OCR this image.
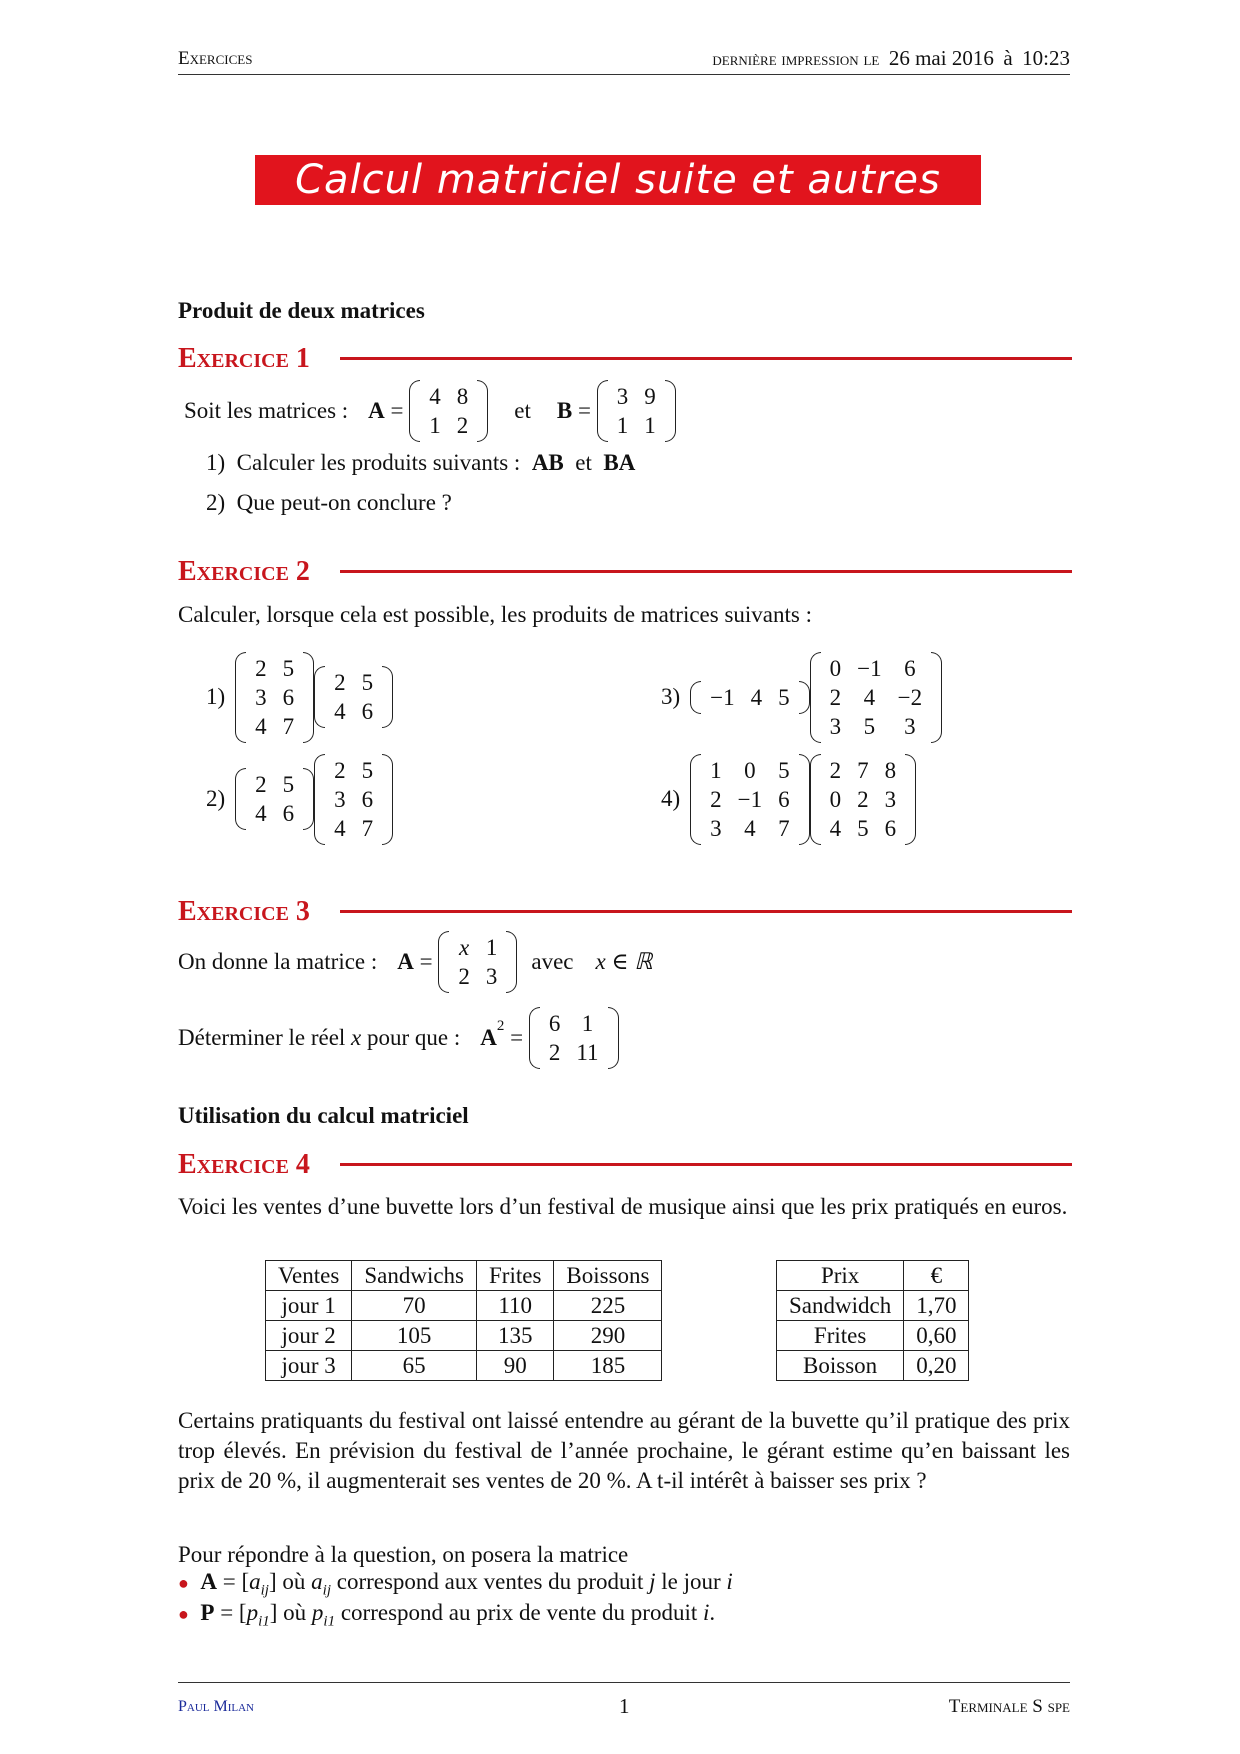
Exercices	dernière impression le 26 mai 2016 à 10:23
Calcul matriciel suite et autres
Produit de deux matrices
Exercice 1
Soit les matrices : A =
4	8
1	2
et B =
3	9
1	1
1) Calculer les produits suivants : AB et BA
2) Que peut-on conclure ?
Exercice 2
Calculer, lorsque cela est possible, les produits de matrices suivants :
1)
2	5
3	6
4	7
2	5
4	6
3) −1	4	5
0	−1	6
2	4	−2
3	5	3
2)
2	5
4	6
2	5
3	6
4	7
4)
1	0	5
2	−1	6
3	4	7
2	7	8
0	2	3
4	5	6
Exercice 3
On donne la matrice : A =
x	1
2	3
avec x ∈ ℝ
Déterminer le réel
x
pour que : $A^2$ =
6	1
2	11
Utilisation du calcul matriciel
Exercice 4
Voici les ventes d’une buvette lors d’un festival de musique ainsi que les prix pratiqués en euros.
Ventes	Sandwichs	Frites	Boissons
jour 1	70	110	225
jour 2	105	135	290
jour 3	65	90	185
Prix	€
Sandwidch	1,70
Frites	0,60
Boisson	0,20
Certains pratiquants du festival ont laissé entendre au gérant de la buvette qu’il pratique des prix trop élevés. En prévision du festival de l’année prochaine, le gérant estime qu’en baissant les prix de 20 %, il augmenterait ses ventes de 20 %. A t-il intérêt à baisser ses prix ?
Pour répondre à la question, on posera la matrice
● $A = [a_{ij}]$ où $a_{ij}$ correspond aux ventes du produit j le jour i
● $P = [p_{i1}]$ où $p_{i1}$ correspond au prix de vente du produit i.
Paul Milan	1	Terminale S spe
